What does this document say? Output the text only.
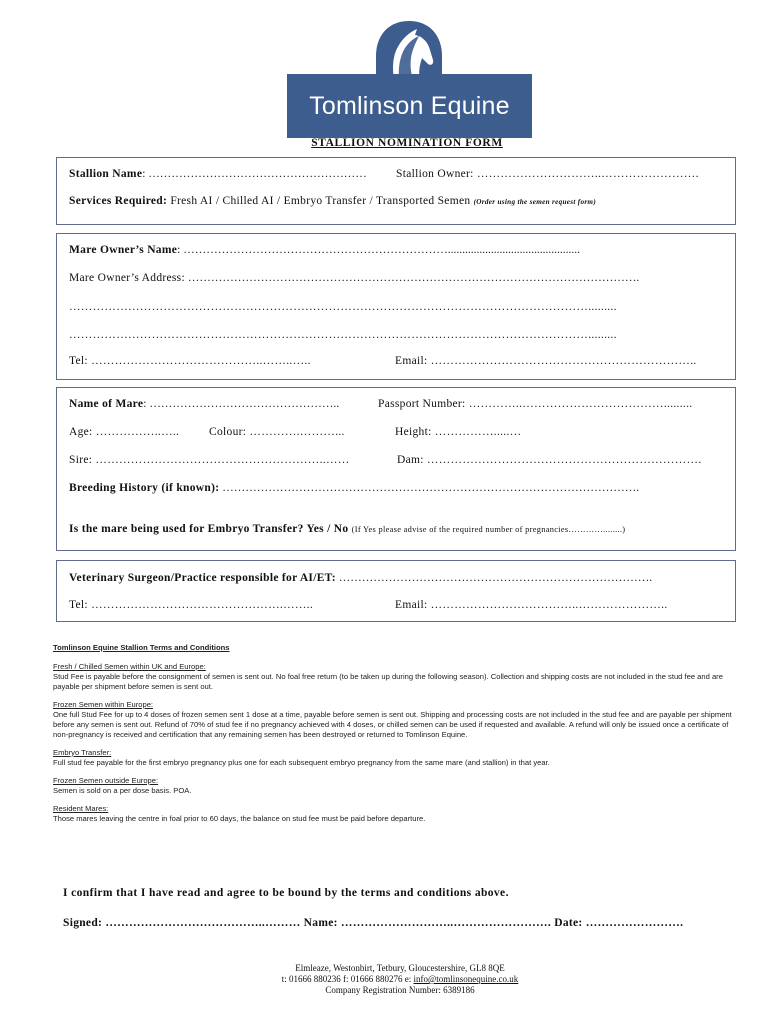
Tomlinson Equine
STALLION NOMINATION FORM
Stallion Name: …………………………………………………	Stallion Owner: …………………………..…………………….
Services Required: Fresh AI / Chilled AI / Embryo Transfer / Transported Semen (Order using the semen request form)
Mare Owner’s Name: ……………………………………………………………..............................................
Mare Owner’s Address: ……………………………………………………………………………………………………….
…………………………………………………………………………………………………………………….........
…………………………………………………………………………………………………………………….........
Tel: ……………………………………..……..…..	Email: …………………………………………………………..
Name of Mare: …………………………………………..	Passport Number: …………..……………………………….........
Age: ……………..…..	Colour: ………….………...	Height: …………….....…
Sire: …………………………………………………..……	Dam: …………………………………………………………….
Breeding History (if known): ……………………………………………………………………………………………….
Is the mare being used for Embryo Transfer? Yes / No (If Yes please advise of the required number of pregnancies…………........)
Veterinary Surgeon/Practice responsible for AI/ET: ……………………………………………………………………….
Tel: ………………………………………….……..	Email: ………………………………..…………………..
Tomlinson Equine Stallion Terms and Conditions
Fresh / Chilled Semen within UK and Europe:
Stud Fee is payable before the consignment of semen is sent out. No foal free return (to be taken up during the following season). Collection and shipping costs are not included in the stud fee and are payable per shipment before semen is sent out.
Frozen Semen within Europe:
One full Stud Fee for up to 4 doses of frozen semen sent 1 dose at a time, payable before semen is sent out. Shipping and processing costs are not included in the stud fee and are payable per shipment before any semen is sent out. Refund of 70% of stud fee if no pregnancy achieved with 4 doses, or chilled semen can be used if requested and available. A refund will only be issued once a certificate of non-pregnancy is received and certification that any remaining semen has been destroyed or returned to Tomlinson Equine.
Embryo Transfer:
Full stud fee payable for the first embryo pregnancy plus one for each subsequent embryo pregnancy from the same mare (and stallion) in that year.
Frozen Semen outside Europe:
Semen is sold on a per dose basis. POA.
Resident Mares:
Those mares leaving the centre in foal prior to 60 days, the balance on stud fee must be paid before departure.
I confirm that I have read and agree to be bound by the terms and conditions above.
Signed: …………………………………..……… Name: ………………………..……………………. Date: …………………….
Elmleaze, Westonbirt, Tetbury, Gloucestershire, GL8 8QE
t: 01666 880236 f: 01666 880276 e: info@tomlinsonequine.co.uk
Company Registration Number: 6389186
